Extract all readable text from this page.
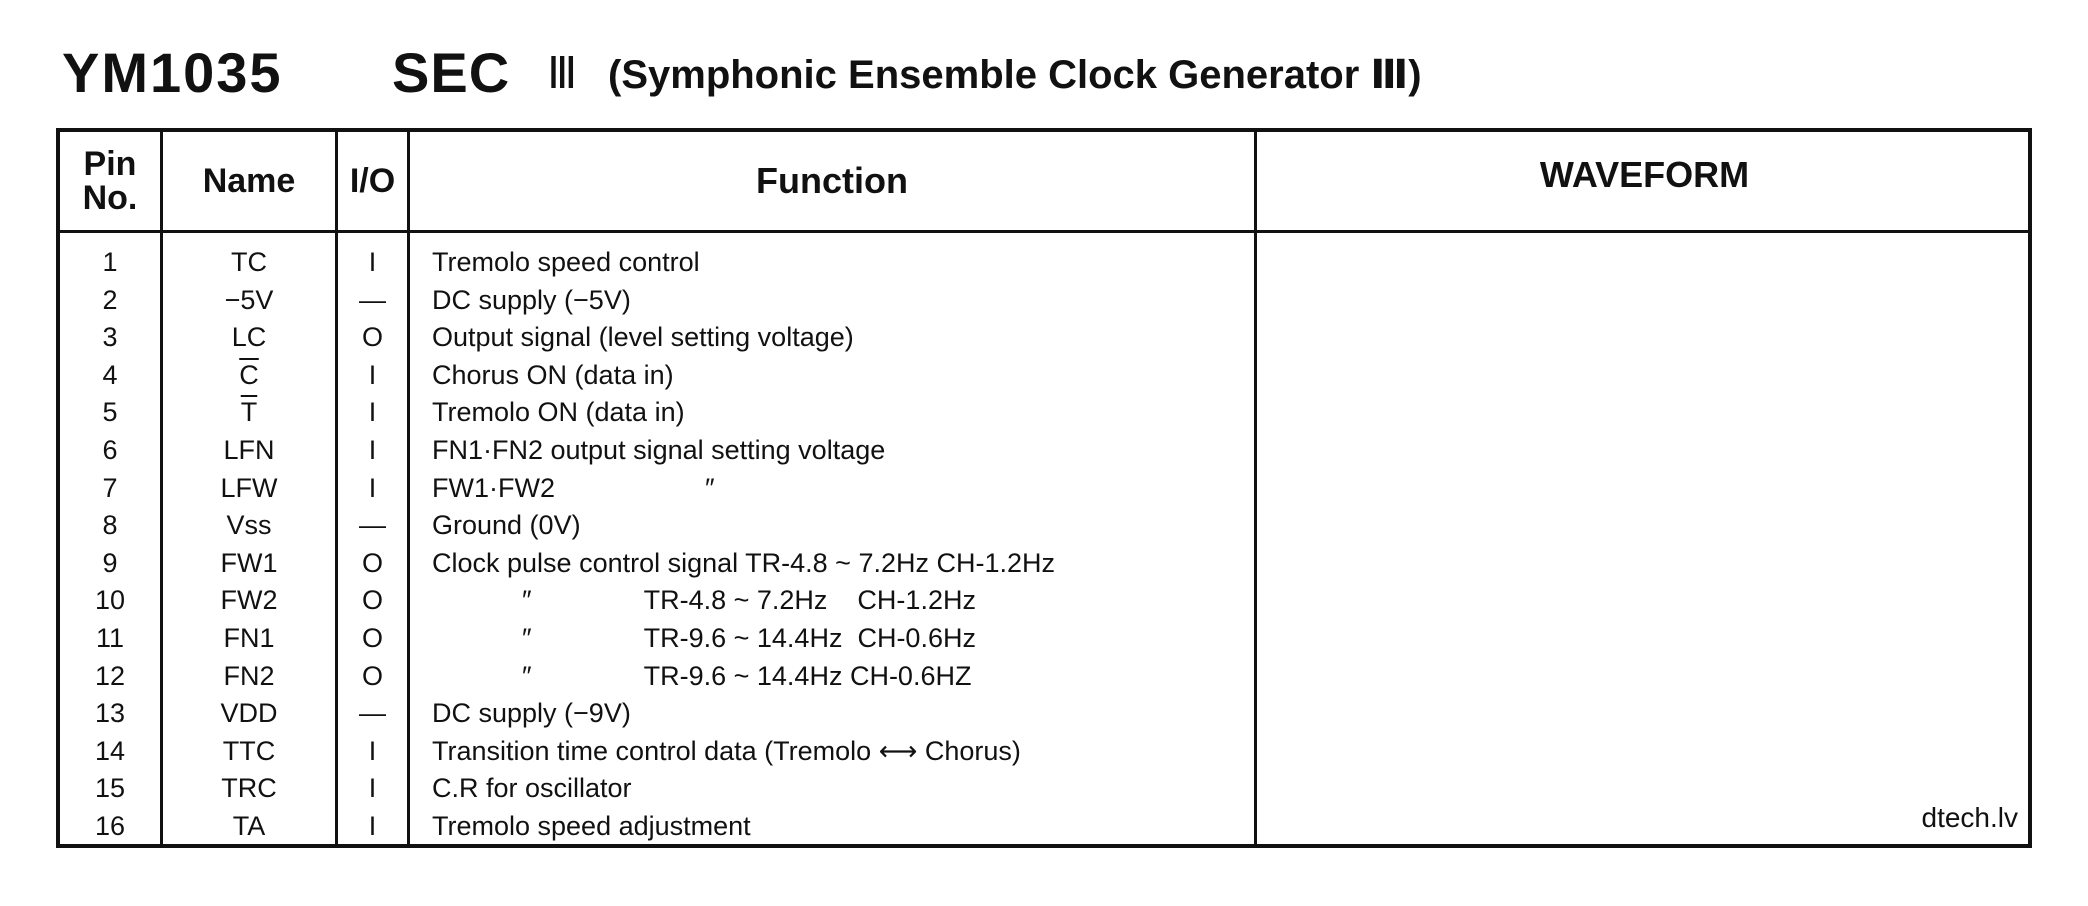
YM1035 SEC Ⅲ (Symphonic Ensemble Clock Generator Ⅲ)
Pin
No.	Name	I/O	Function	WAVEFORM
1	TC	I	Tremolo speed control
2	−5V	—	DC supply (−5V)
3	LC	O	Output signal (level setting voltage)
4	$\overline{C}$	I	Chorus ON (data in)
5	$\overline{T}$	I	Tremolo ON (data in)
6	LFN	I	FN1·FN2 output signal setting voltage
7	LFW	I	FW1·FW2                    ″
8	Vss	—	Ground (0V)
9	FW1	O	Clock pulse control signal TR-4.8 ~ 7.2Hz CH-1.2Hz
10	FW2	O	″               TR-4.8 ~ 7.2Hz    CH-1.2Hz
11	FN1	O	″               TR-9.6 ~ 14.4Hz  CH-0.6Hz
12	FN2	O	″               TR-9.6 ~ 14.4Hz CH-0.6HZ
13	VDD	—	DC supply (−9V)
14	TTC	I	Transition time control data (Tremolo ⟷ Chorus)
15	TRC	I	C.R for oscillator
16	TA	I	Tremolo speed adjustment	dtech.lv
